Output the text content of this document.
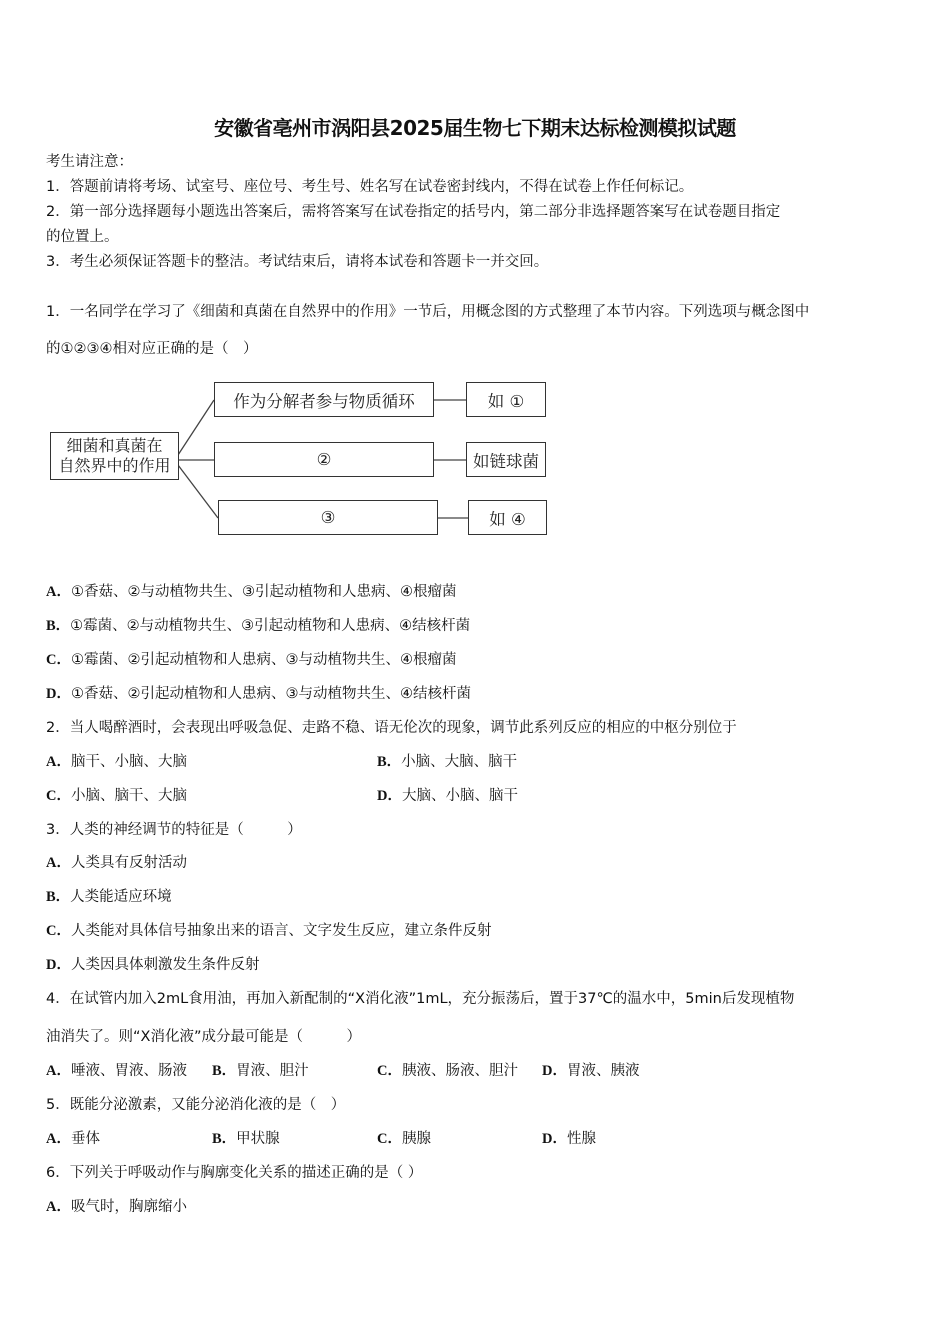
安徽省亳州市涡阳县2025届生物七下期末达标检测模拟试题
考生请注意：
1．答题前请将考场、试室号、座位号、考生号、姓名写在试卷密封线内，不得在试卷上作任何标记。
2．第一部分选择题每小题选出答案后，需将答案写在试卷指定的括号内，第二部分非选择题答案写在试卷题目指定
的位置上。
3．考生必须保证答题卡的整洁。考试结束后，请将本试卷和答题卡一并交回。
1．一名同学在学习了《细菌和真菌在自然界中的作用》一节后，用概念图的方式整理了本节内容。下列选项与概念图中
的①②③④相对应正确的是（　）
细菌和真菌在
自然界中的作用
作为分解者参与物质循环	如 ①
②	如链球菌
③	如 ④
A．①香菇、②与动植物共生、③引起动植物和人患病、④根瘤菌
B．①霉菌、②与动植物共生、③引起动植物和人患病、④结核杆菌
C．①霉菌、②引起动植物和人患病、③与动植物共生、④根瘤菌
D．①香菇、②引起动植物和人患病、③与动植物共生、④结核杆菌
2．当人喝醉酒时，会表现出呼吸急促、走路不稳、语无伦次的现象，调节此系列反应的相应的中枢分别位于
A．脑干、小脑、大脑	B．小脑、大脑、脑干
C．小脑、脑干、大脑	D．大脑、小脑、脑干
3．人类的神经调节的特征是（　　　）
A．人类具有反射活动
B．人类能适应环境
C．人类能对具体信号抽象出来的语言、文字发生反应，建立条件反射
D．人类因具体刺激发生条件反射
4．在试管内加入2mL食用油，再加入新配制的“X消化液”1mL，充分振荡后，置于37℃的温水中，5min后发现植物
油消失了。则“X消化液”成分最可能是（　　　）
A．唾液、胃液、肠液 B．胃液、胆汁	C．胰液、肠液、胆汁 D．胃液、胰液
5．既能分泌激素，又能分泌消化液的是（　）
A．垂体	B．甲状腺	C．胰腺	D．性腺
6．下列关于呼吸动作与胸廓变化关系的描述正确的是（ ）
A．吸气时，胸廓缩小
